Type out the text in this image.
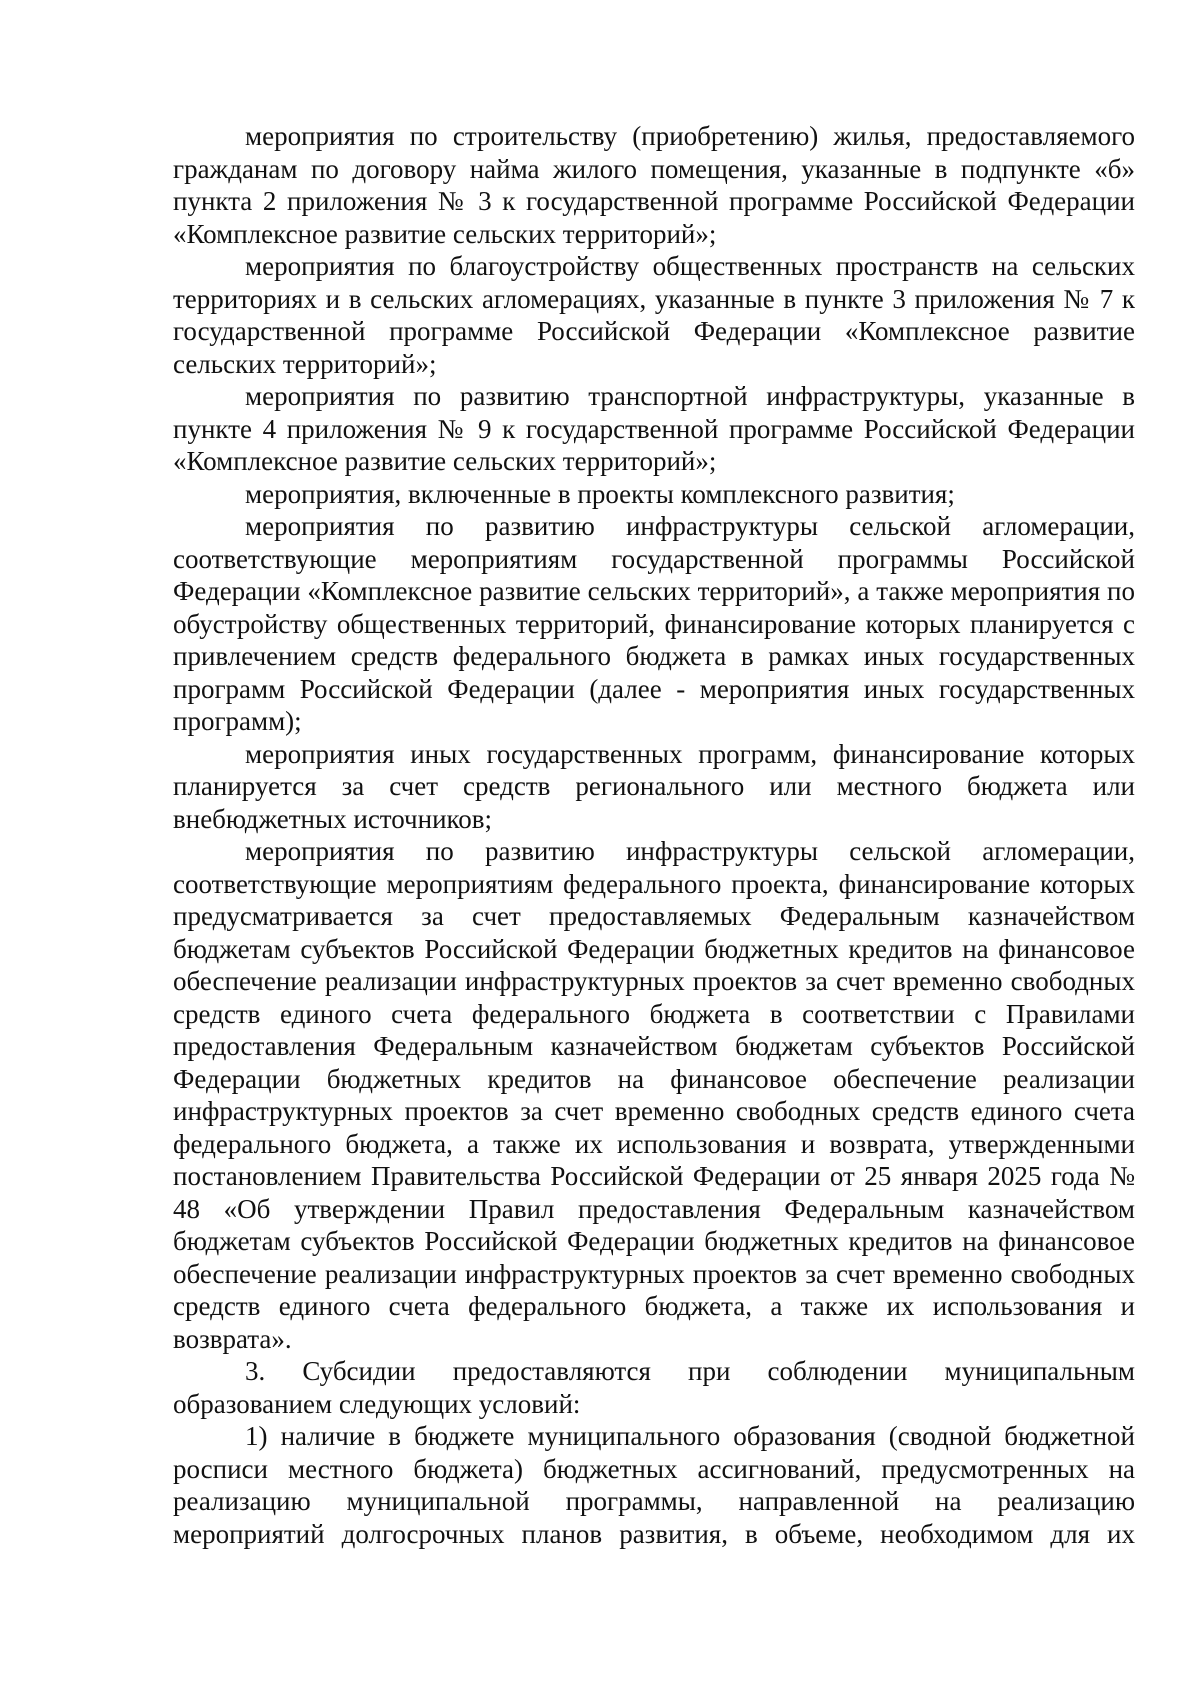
мероприятия по строительству (приобретению) жилья, предоставляемого гражданам по договору найма жилого помещения, указанные в подпункте «б» пункта 2 приложения № 3 к государственной программе Российской Федерации «Комплексное развитие сельских территорий»;

мероприятия по благоустройству общественных пространств на сельских территориях и в сельских агломерациях, указанные в пункте 3 приложения № 7 к государственной программе Российской Федерации «Комплексное развитие сельских территорий»;

мероприятия по развитию транспортной инфраструктуры, указанные в пункте 4 приложения № 9 к государственной программе Российской Федерации «Комплексное развитие сельских территорий»;

мероприятия, включенные в проекты комплексного развития;

мероприятия по развитию инфраструктуры сельской агломерации, соответствующие мероприятиям государственной программы Российской Федерации «Комплексное развитие сельских территорий», а также мероприятия по обустройству общественных территорий, финансирование которых планируется с привлечением средств федерального бюджета в рамках иных государственных программ Российской Федерации (далее - мероприятия иных государственных программ);

мероприятия иных государственных программ, финансирование которых планируется за счет средств регионального или местного бюджета или внебюджетных источников;

мероприятия по развитию инфраструктуры сельской агломерации, соответствующие мероприятиям федерального проекта, финансирование которых предусматривается за счет предоставляемых Федеральным казначейством бюджетам субъектов Российской Федерации бюджетных кредитов на финансовое обеспечение реализации инфраструктурных проектов за счет временно свободных средств единого счета федерального бюджета в соответствии с Правилами предоставления Федеральным казначейством бюджетам субъектов Российской Федерации бюджетных кредитов на финансовое обеспечение реализации инфраструктурных проектов за счет временно свободных средств единого счета федерального бюджета, а также их использования и возврата, утвержденными постановлением Правительства Российской Федерации от 25 января 2025 года № 48 «Об утверждении Правил предоставления Федеральным казначейством бюджетам субъектов Российской Федерации бюджетных кредитов на финансовое обеспечение реализации инфраструктурных проектов за счет временно свободных средств единого счета федерального бюджета, а также их использования и возврата».

3. Субсидии предоставляются при соблюдении муниципальным образованием следующих условий:

1) наличие в бюджете муниципального образования (сводной бюджетной росписи местного бюджета) бюджетных ассигнований, предусмотренных на реализацию муниципальной программы, направленной на реализацию мероприятий долгосрочных планов развития, в объеме, необходимом для их
